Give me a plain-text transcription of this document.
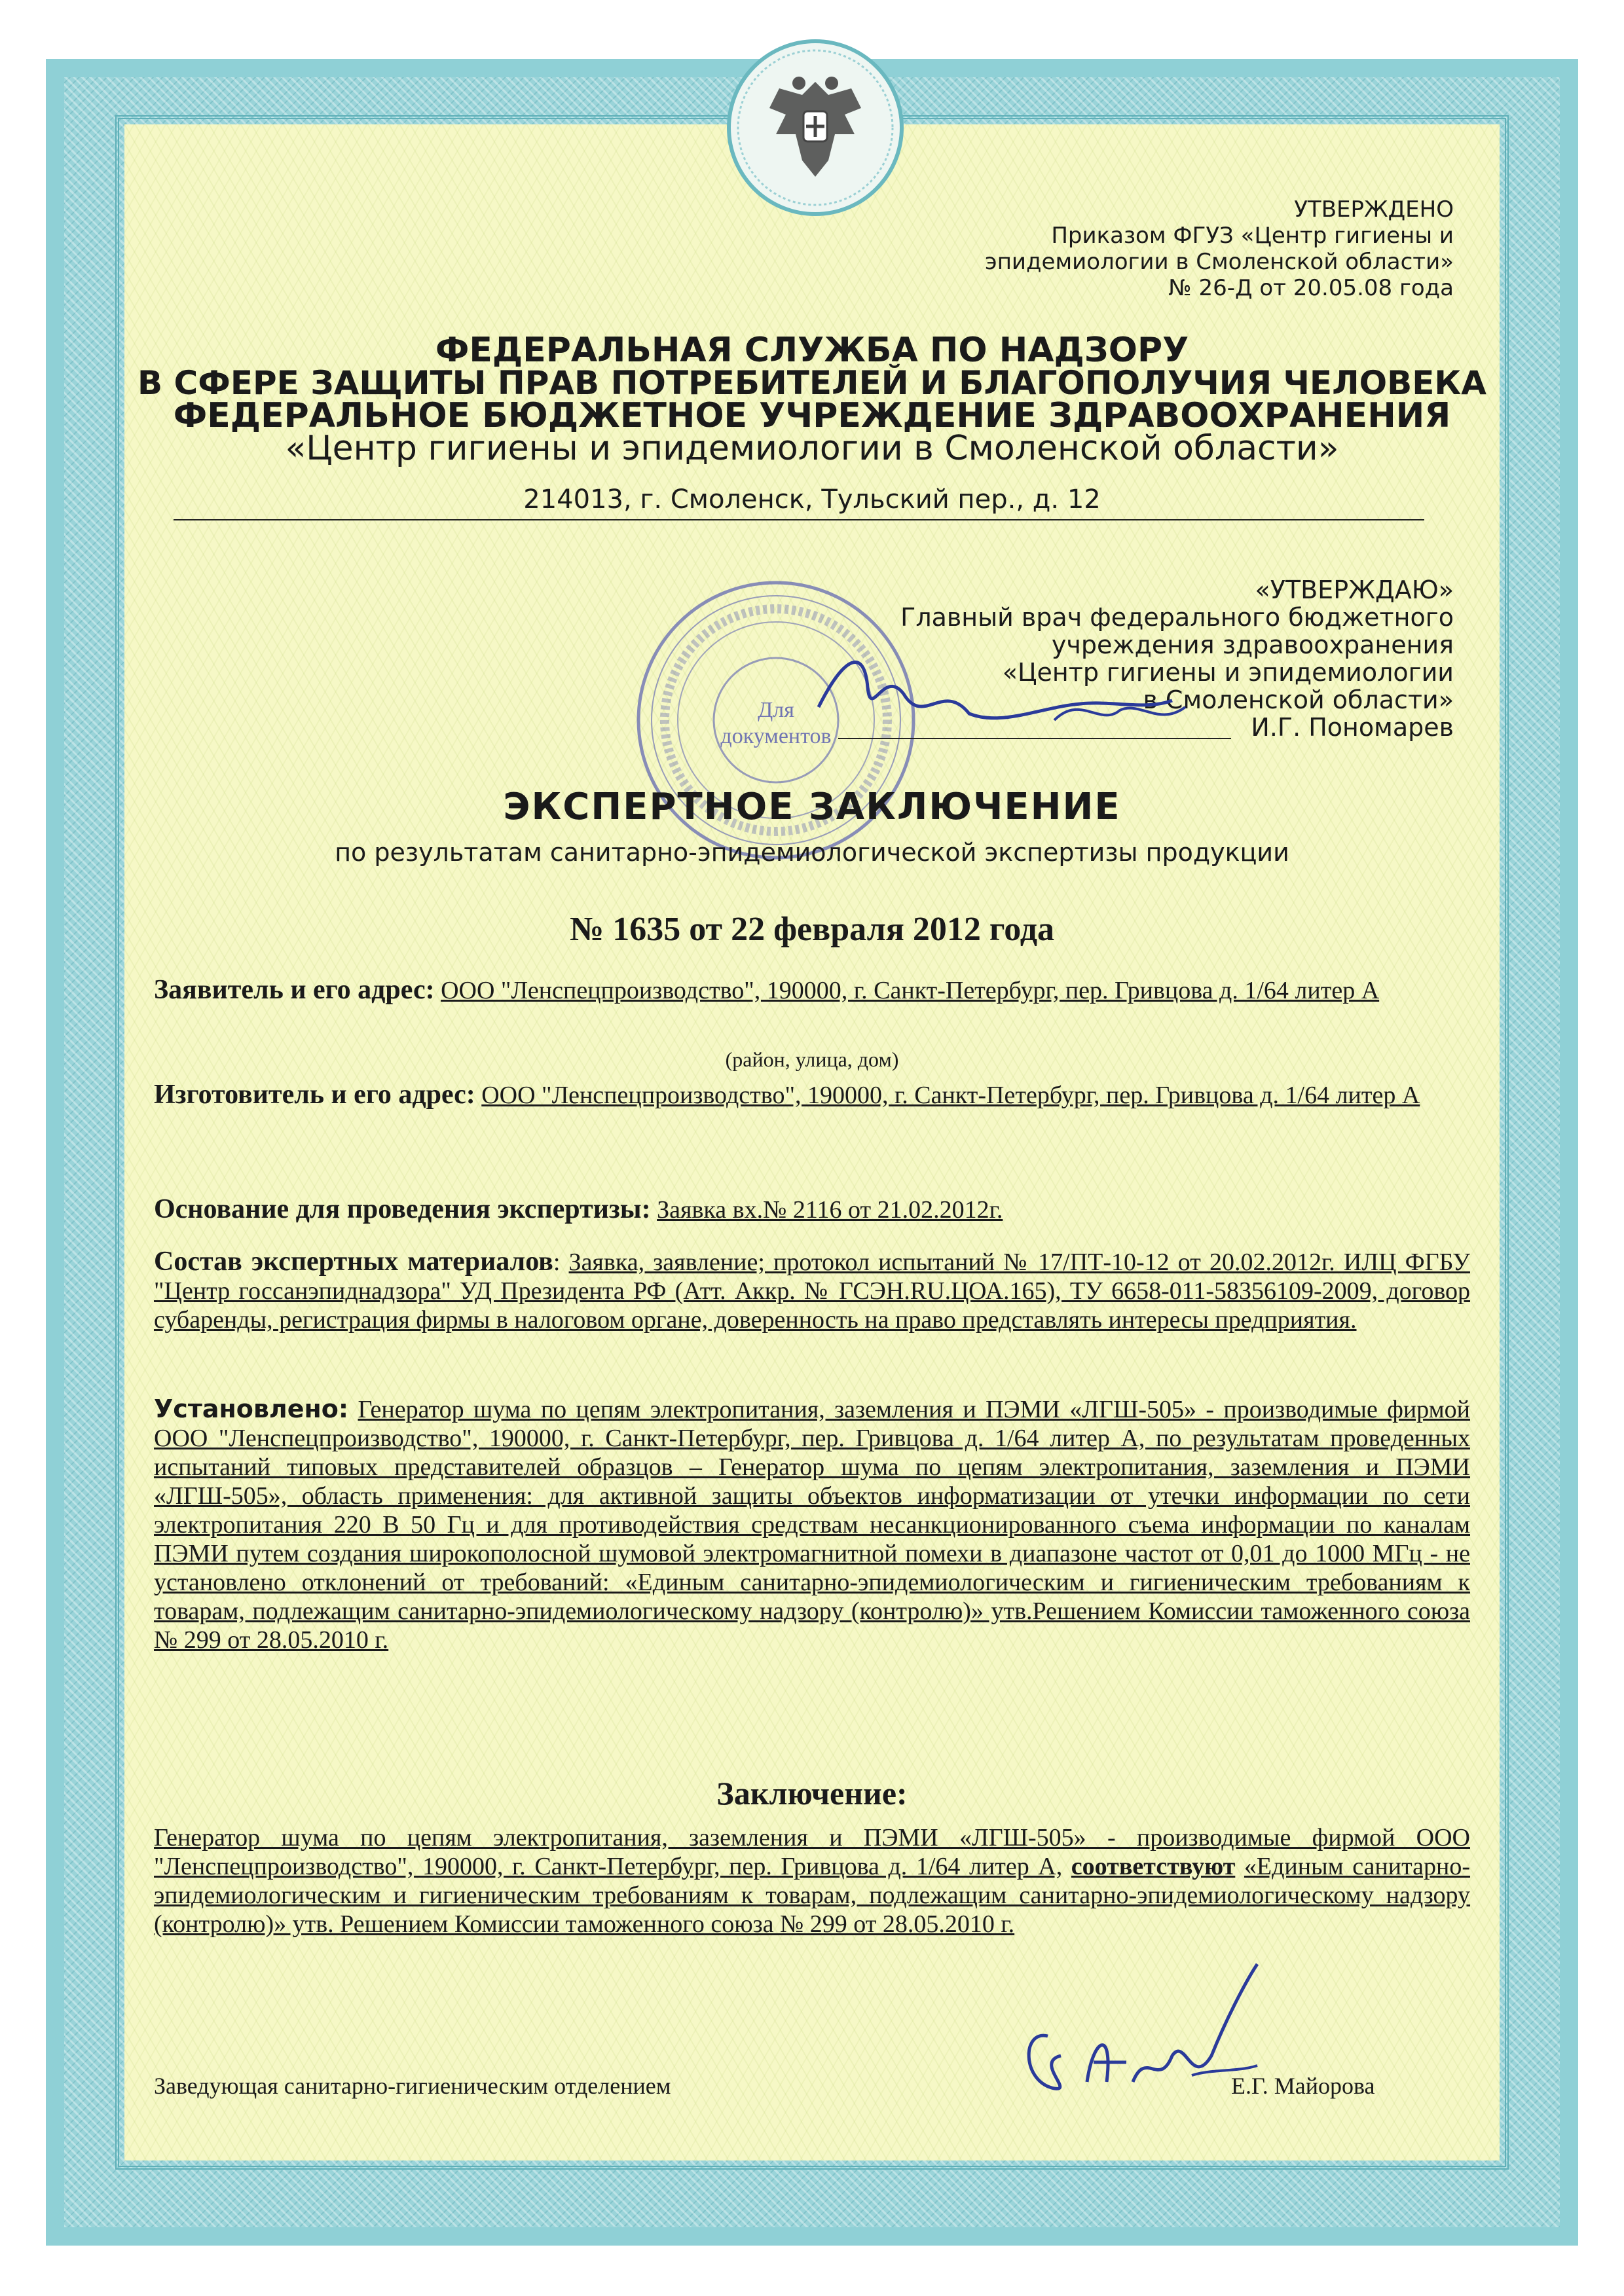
УТВЕРЖДЕНО
Приказом ФГУЗ «Центр гигиены и
эпидемиологии в Смоленской области»
№ 26-Д от 20.05.08 года
ФЕДЕРАЛЬНАЯ СЛУЖБА ПО НАДЗОРУ
В СФЕРЕ ЗАЩИТЫ ПРАВ ПОТРЕБИТЕЛЕЙ И БЛАГОПОЛУЧИЯ ЧЕЛОВЕКА
ФЕДЕРАЛЬНОЕ БЮДЖЕТНОЕ УЧРЕЖДЕНИЕ ЗДРАВООХРАНЕНИЯ
«Центр гигиены и эпидемиологии в Смоленской области»
214013, г. Смоленск, Тульский пер., д. 12
Для
документов
«УТВЕРЖДАЮ»
Главный врач федерального бюджетного
учреждения здравоохранения
«Центр гигиены и эпидемиологии
в Смоленской области»
И.Г. Пономарев
ЭКСПЕРТНОЕ ЗАКЛЮЧЕНИЕ
по результатам санитарно-эпидемиологической экспертизы продукции
№ 1635 от 22 февраля 2012 года
Заявитель и его адрес: ООО "Ленспецпроизводство", 190000, г. Санкт-Петербург, пер. Гривцова д. 1/64 литер А
(район, улица, дом)
Изготовитель и его адрес: ООО "Ленспецпроизводство", 190000, г. Санкт-Петербург, пер. Гривцова д. 1/64 литер А
Основание для проведения экспертизы: Заявка вх.№ 2116 от 21.02.2012г.
Состав экспертных материалов: Заявка, заявление; протокол испытаний № 17/ПТ-10-12 от 20.02.2012г. ИЛЦ ФГБУ "Центр госсанэпиднадзора" УД Президента РФ (Атт. Аккр. № ГСЭН.RU.ЦОА.165), ТУ 6658-011-58356109-2009, договор субаренды, регистрация фирмы в налоговом органе, доверенность на право представлять интересы предприятия.
Установлено: Генератор шума по цепям электропитания, заземления и ПЭМИ «ЛГШ-505» - производимые фирмой ООО "Ленспецпроизводство", 190000, г. Санкт-Петербург, пер. Гривцова д. 1/64 литер А, по результатам проведенных испытаний типовых представителей образцов – Генератор шума по цепям электропитания, заземления и ПЭМИ «ЛГШ-505», область применения: для активной защиты объектов информатизации от утечки информации по сети электропитания 220 В 50 Гц и для противодействия средствам несанкционированного съема информации по каналам ПЭМИ путем создания широкополосной шумовой электромагнитной помехи в диапазоне частот от 0,01 до 1000 МГц - не установлено отклонений от требований: «Единым санитарно-эпидемиологическим и гигиеническим требованиям к товарам, подлежащим санитарно-эпидемиологическому надзору (контролю)» утв.Решением Комиссии таможенного союза № 299 от 28.05.2010 г.
Заключение:
Генератор шума по цепям электропитания, заземления и ПЭМИ «ЛГШ-505» - производимые фирмой ООО "Ленспецпроизводство", 190000, г. Санкт-Петербург, пер. Гривцова д. 1/64 литер А, соответствуют «Единым санитарно-эпидемиологическим и гигиеническим требованиям к товарам, подлежащим санитарно-эпидемиологическому надзору (контролю)» утв. Решением Комиссии таможенного союза № 299 от 28.05.2010 г.
Заведующая санитарно-гигиеническим отделением	Е.Г. Майорова
